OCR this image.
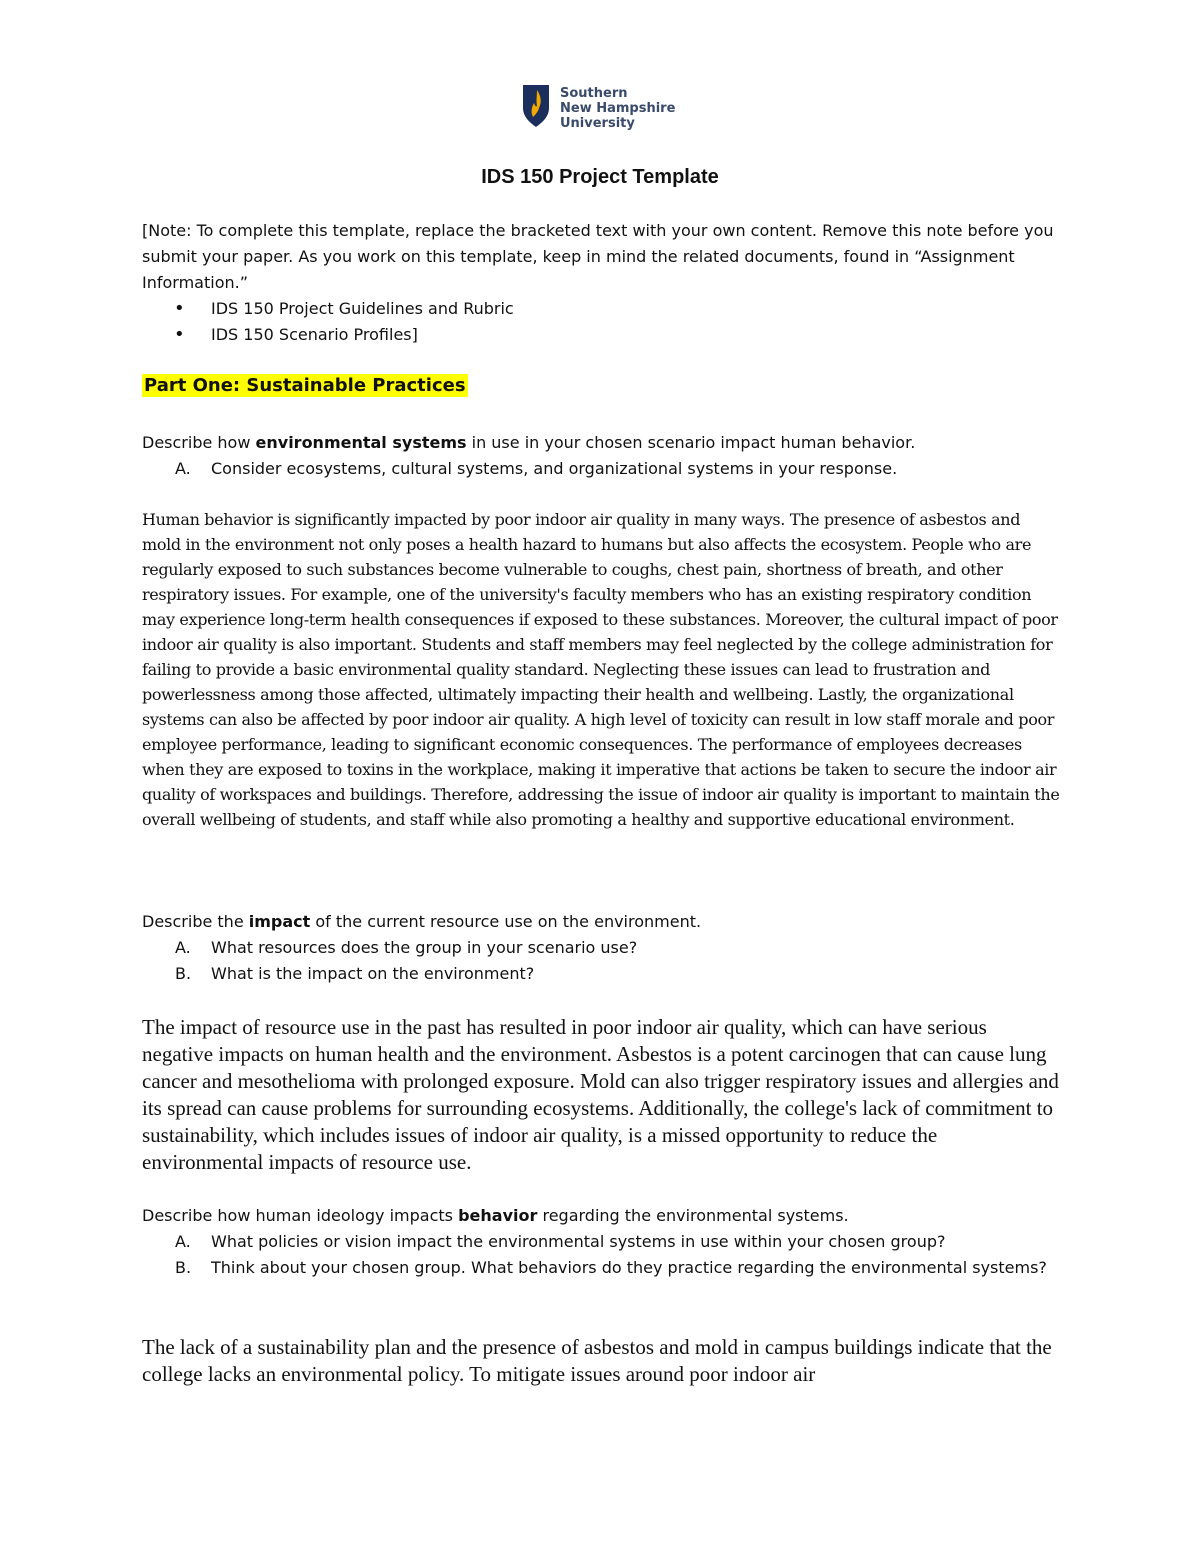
Southern
New Hampshire
University
IDS 150 Project Template
[Note: To complete this template, replace the bracketed text with your own content. Remove this note before you submit your paper. As you work on this template, keep in mind the related documents, found in “Assignment Information.”
• IDS 150 Project Guidelines and Rubric
• IDS 150 Scenario Profiles]
Part One: Sustainable Practices
Describe how environmental systems in use in your chosen scenario impact human behavior.
A. Consider ecosystems, cultural systems, and organizational systems in your response.

Human behavior is significantly impacted by poor indoor air quality in many ways. The presence of asbestos and mold in the environment not only poses a health hazard to humans but also affects the ecosystem. People who are regularly exposed to such substances become vulnerable to coughs, chest pain, shortness of breath, and other respiratory issues. For example, one of the university's faculty members who has an existing respiratory condition may experience long-term health consequences if exposed to these substances. Moreover, the cultural impact of poor indoor air quality is also important. Students and staff members may feel neglected by the college administration for failing to provide a basic environmental quality standard. Neglecting these issues can lead to frustration and powerlessness among those affected, ultimately impacting their health and wellbeing. Lastly, the organizational systems can also be affected by poor indoor air quality. A high level of toxicity can result in low staff morale and poor employee performance, leading to significant economic consequences. The performance of employees decreases when they are exposed to toxins in the workplace, making it imperative that actions be taken to secure the indoor air quality of workspaces and buildings. Therefore, addressing the issue of indoor air quality is important to maintain the overall wellbeing of students, and staff while also promoting a healthy and supportive educational environment.

Describe the impact of the current resource use on the environment.
A. What resources does the group in your scenario use?
B. What is the impact on the environment?

The impact of resource use in the past has resulted in poor indoor air quality, which can have serious negative impacts on human health and the environment. Asbestos is a potent carcinogen that can cause lung cancer and mesothelioma with prolonged exposure. Mold can also trigger respiratory issues and allergies and its spread can cause problems for surrounding ecosystems. Additionally, the college's lack of commitment to sustainability, which includes issues of indoor air quality, is a missed opportunity to reduce the environmental impacts of resource use.

Describe how human ideology impacts behavior regarding the environmental systems.
A. What policies or vision impact the environmental systems in use within your chosen group?
B. Think about your chosen group. What behaviors do they practice regarding the environmental systems?

The lack of a sustainability plan and the presence of asbestos and mold in campus buildings indicate that the college lacks an environmental policy. To mitigate issues around poor indoor air
